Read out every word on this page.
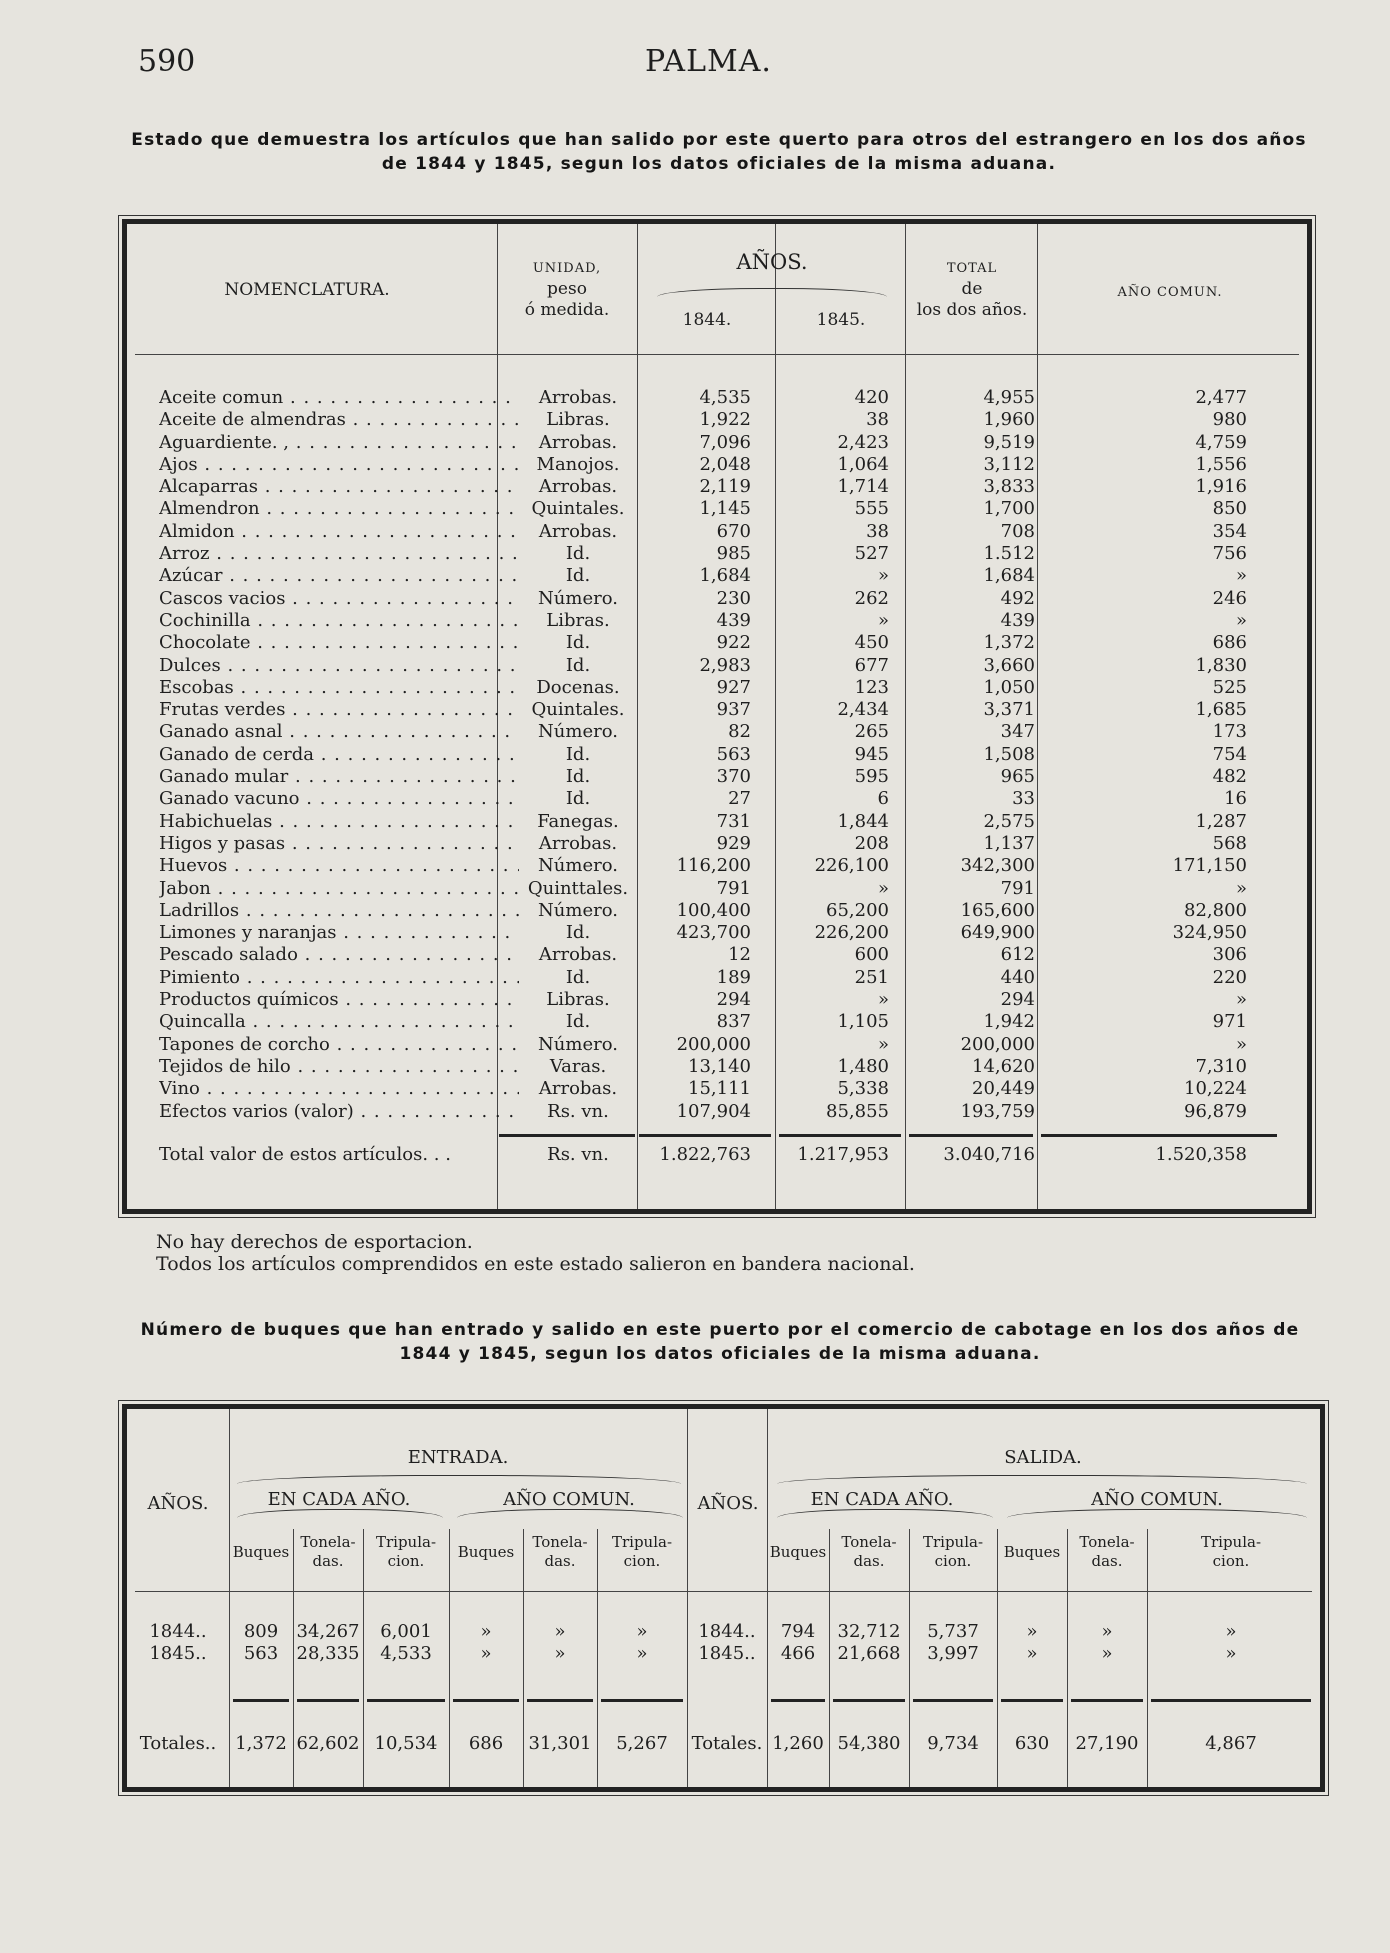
590	PALMA.
Estado que demuestra los artículos que han salido por este querto para otros del estrangero en los dos años de 1844 y 1845, segun los datos oficiales de la misma aduana.
NOMENCLATURA.
UNIDAD,
peso
ó medida.
AÑOS.
1844.	1845.
TOTAL
de
los dos años.
AÑO COMUN.
Aceite comun . . .	Arrobas.	4,535	420	4,955	2,477
Aceite de almendras . . .	Libras.	1,922	38	1,960	980
Aguardiente. , . . .	Arrobas.	7,096	2,423	9,519	4,759
Ajos . . .	Manojos.	2,048	1,064	3,112	1,556
Alcaparras . . .	Arrobas.	2,119	1,714	3,833	1,916
Almendron . . .	Quintales.	1,145	555	1,700	850
Almidon . . .	Arrobas.	670	38	708	354
Arroz . . .	Id.	985	527	1.512	756
Azúcar . . .	Id.	1,684	»	1,684	»
Cascos vacios . . .	Número.	230	262	492	246
Cochinilla . . .	Libras.	439	»	439	»
Chocolate . . .	Id.	922	450	1,372	686
Dulces . . .	Id.	2,983	677	3,660	1,830
Escobas . . .	Docenas.	927	123	1,050	525
Frutas verdes . . .	Quintales.	937	2,434	3,371	1,685
Ganado asnal . . .	Número.	82	265	347	173
Ganado de cerda . . .	Id.	563	945	1,508	754
Ganado mular . . .	Id.	370	595	965	482
Ganado vacuno . . .	Id.	27	6	33	16
Habichuelas . . .	Fanegas.	731	1,844	2,575	1,287
Higos y pasas . . .	Arrobas.	929	208	1,137	568
Huevos . . .	Número.	116,200	226,100	342,300	171,150
Jabon . . .	Quinttales.	791	»	791	»
Ladrillos . . .	Número.	100,400	65,200	165,600	82,800
Limones y naranjas . . .	Id.	423,700	226,200	649,900	324,950
Pescado salado . . .	Arrobas.	12	600	612	306
Pimiento . . .	Id.	189	251	440	220
Productos químicos . . .	Libras.	294	»	294	»
Quincalla . . .	Id.	837	1,105	1,942	971
Tapones de corcho . . .	Número.	200,000	»	200,000	»
Tejidos de hilo . . .	Varas.	13,140	1,480	14,620	7,310
Vino . . .	Arrobas.	15,111	5,338	20,449	10,224
Efectos varios (valor) . . .	Rs. vn.	107,904	85,855	193,759	96,879
Total valor de estos artículos. . .	Rs. vn.	1.822,763	1.217,953	3.040,716	1.520,358
No hay derechos de esportacion.
Todos los artículos comprendidos en este estado salieron en bandera nacional.
Número de buques que han entrado y salido en este puerto por el comercio de cabotage en los dos años de 1844 y 1845, segun los datos oficiales de la misma aduana.
AÑOS.
ENTRADA.
EN CADA AÑO.	AÑO COMUN.	AÑOS.
SALIDA.
EN CADA AÑO.	AÑO COMUN.
Buques
Tonela-
das.
Tripula-
cion.	Buques
Tonela-
das.
Tripula-
cion.	Buques
Tonela-
das.
Tripula-
cion.	Buques
Tonela-
das.
Tripula-
cion.
1844..	809	34,267	6,001	»	»	»	1844..	794	32,712	5,737	»	»	»
1845..	563	28,335	4,533	»	»	»	1845..	466	21,668	3,997	»	»	»
Totales..	1,372 62,602 10,534	686	31,301	5,267	Totales. 1,260 54,380	9,734	630	27,190	4,867
